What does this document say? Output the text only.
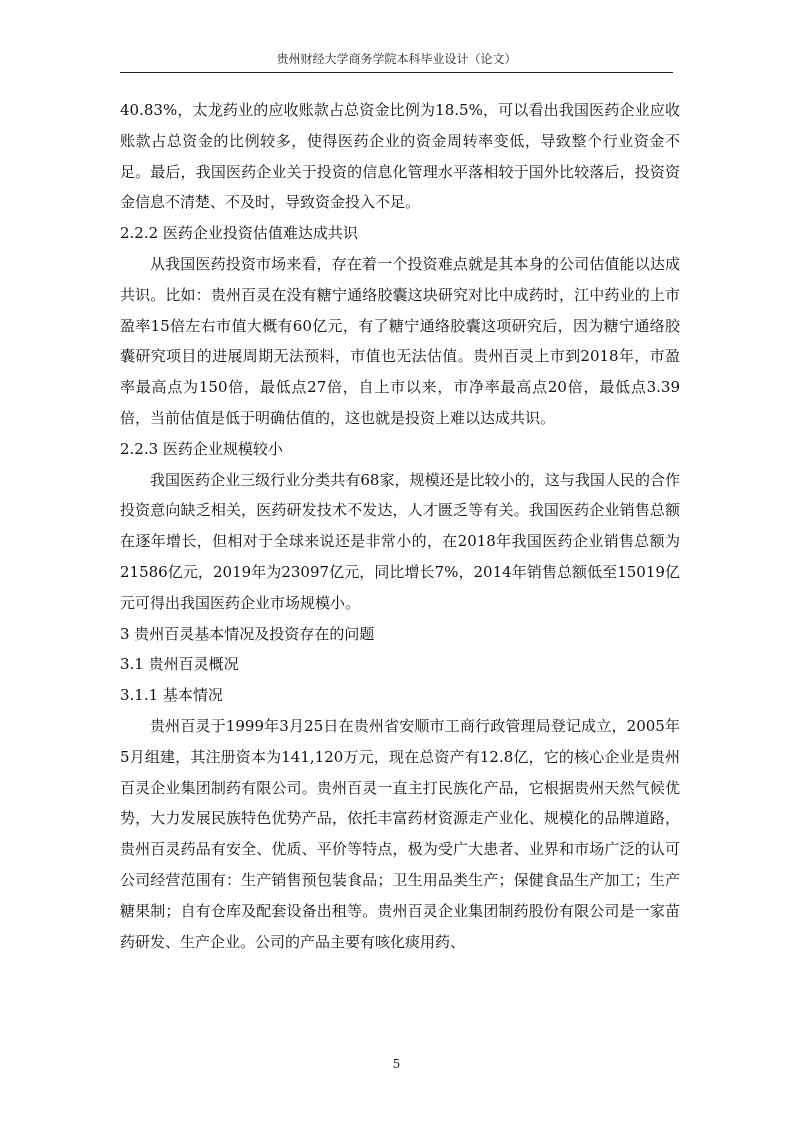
贵州财经大学商务学院本科毕业设计（论文）

40.83%，太龙药业的应收账款占总资金比例为18.5%，可以看出我国医药企业应收账款占总资金的比例较多，使得医药企业的资金周转率变低，导致整个行业资金不足。最后，我国医药企业关于投资的信息化管理水平落相较于国外比较落后，投资资金信息不清楚、不及时，导致资金投入不足。

2.2.2 医药企业投资估值难达成共识

从我国医药投资市场来看，存在着一个投资难点就是其本身的公司估值能以达成共识。比如：贵州百灵在没有糖宁通络胶囊这块研究对比中成药时，江中药业的上市盈率15倍左右市值大概有60亿元，有了糖宁通络胶囊这项研究后，因为糖宁通络胶囊研究项目的进展周期无法预料，市值也无法估值。贵州百灵上市到2018年，市盈率最高点为150倍，最低点27倍，自上市以来，市净率最高点20倍，最低点3.39倍，当前估值是低于明确估值的，这也就是投资上难以达成共识。

2.2.3 医药企业规模较小

我国医药企业三级行业分类共有68家，规模还是比较小的，这与我国人民的合作投资意向缺乏相关，医药研发技术不发达，人才匮乏等有关。我国医药企业销售总额在逐年增长，但相对于全球来说还是非常小的，在2018年我国医药企业销售总额为21586亿元，2019年为23097亿元，同比增长7%，2014年销售总额低至15019亿元可得出我国医药企业市场规模小。

3 贵州百灵基本情况及投资存在的问题

3.1 贵州百灵概况

3.1.1 基本情况

贵州百灵于1999年3月25日在贵州省安顺市工商行政管理局登记成立，2005年5月组建，其注册资本为141,120万元，现在总资产有12.8亿，它的核心企业是贵州百灵企业集团制药有限公司。贵州百灵一直主打民族化产品，它根据贵州天然气候优势，大力发展民族特色优势产品，依托丰富药材资源走产业化、规模化的品牌道路，贵州百灵药品有安全、优质、平价等特点，极为受广大患者、业界和市场广泛的认可公司经营范围有：生产销售预包装食品；卫生用品类生产；保健食品生产加工；生产糖果制；自有仓库及配套设备出租等。贵州百灵企业集团制药股份有限公司是一家苗药研发、生产企业。公司的产品主要有咳化痰用药、

5
